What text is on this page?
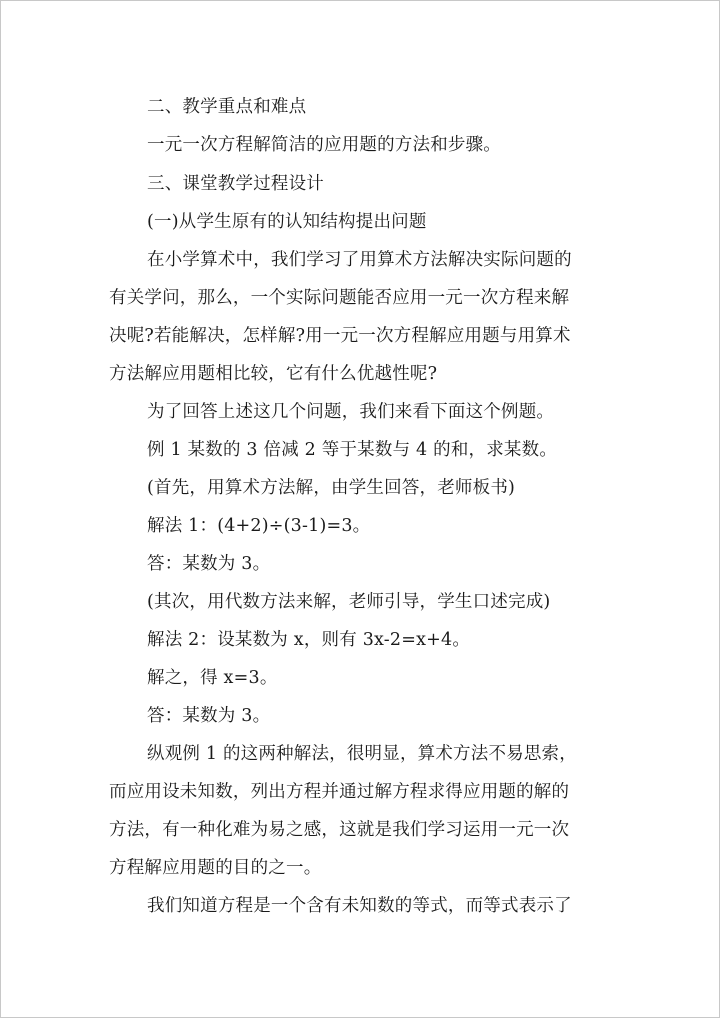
二、教学重点和难点
一元一次方程解简洁的应用题的方法和步骤。
三、课堂教学过程设计
(一)从学生原有的认知结构提出问题
在小学算术中，我们学习了用算术方法解决实际问题的
有关学问，那么，一个实际问题能否应用一元一次方程来解
决呢?若能解决，怎样解?用一元一次方程解应用题与用算术
方法解应用题相比较，它有什么优越性呢?
为了回答上述这几个问题，我们来看下面这个例题。
例 1 某数的 3 倍减 2 等于某数与 4 的和，求某数。
(首先，用算术方法解，由学生回答，老师板书)
解法 1：(4+2)÷(3-1)=3。
答：某数为 3。
(其次，用代数方法来解，老师引导，学生口述完成)
解法 2：设某数为 x，则有 3x-2=x+4。
解之，得 x=3。
答：某数为 3。
纵观例 1 的这两种解法，很明显，算术方法不易思索，
而应用设未知数，列出方程并通过解方程求得应用题的解的
方法，有一种化难为易之感，这就是我们学习运用一元一次
方程解应用题的目的之一。
我们知道方程是一个含有未知数的等式，而等式表示了
